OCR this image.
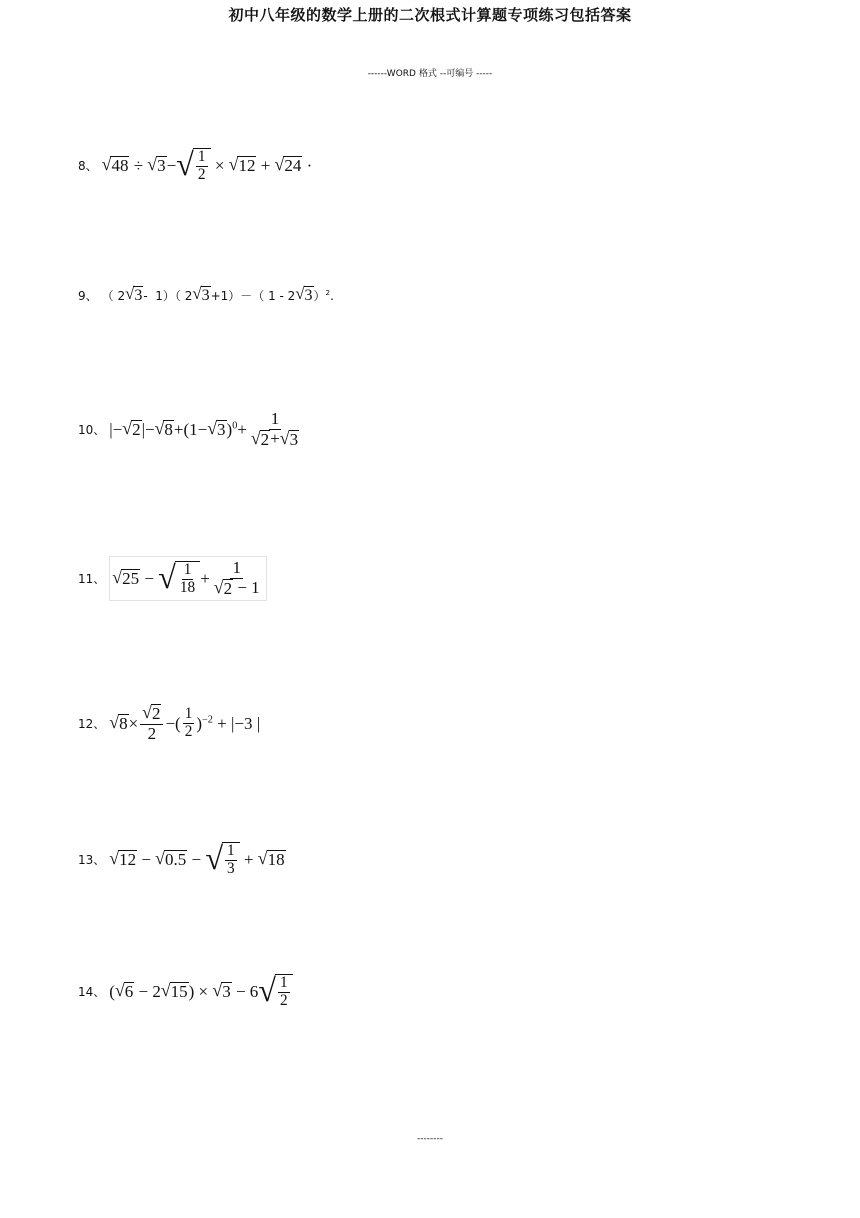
初中八年级的数学上册的二次根式计算题专项练习包括答案
------WORD 格式 --可编号 -----
8、 √ 48 ÷ √ 3 − √ $\frac{1}{2}$ × √ 12 + √ 24 ·
9、 （ 2 √ 3 -  1）（ 2 √ 3 +1）－（ 1 - 2 √ 3 ）$^2$.
10、 |− √ 2 |− √ 8 +(1− √ 3 )$^0+ \frac{1}{√ 2 + √ 3}$
11、 √ 25 − √ $\frac{1}{18} + \frac{1}{√ 2 - 1}$
12、 √ $8 \times \frac{√ 2}{2}$ −( $\frac{1}{2} )^{-2} + |-3$ |
13、 √ 12 − √ 0.5 − √ $\frac{1}{3}$ + √ 18
14、 ( √ 6 − 2 √ 15 ) × √ 3 − 6 √ $\frac{1}{2}$
--------
